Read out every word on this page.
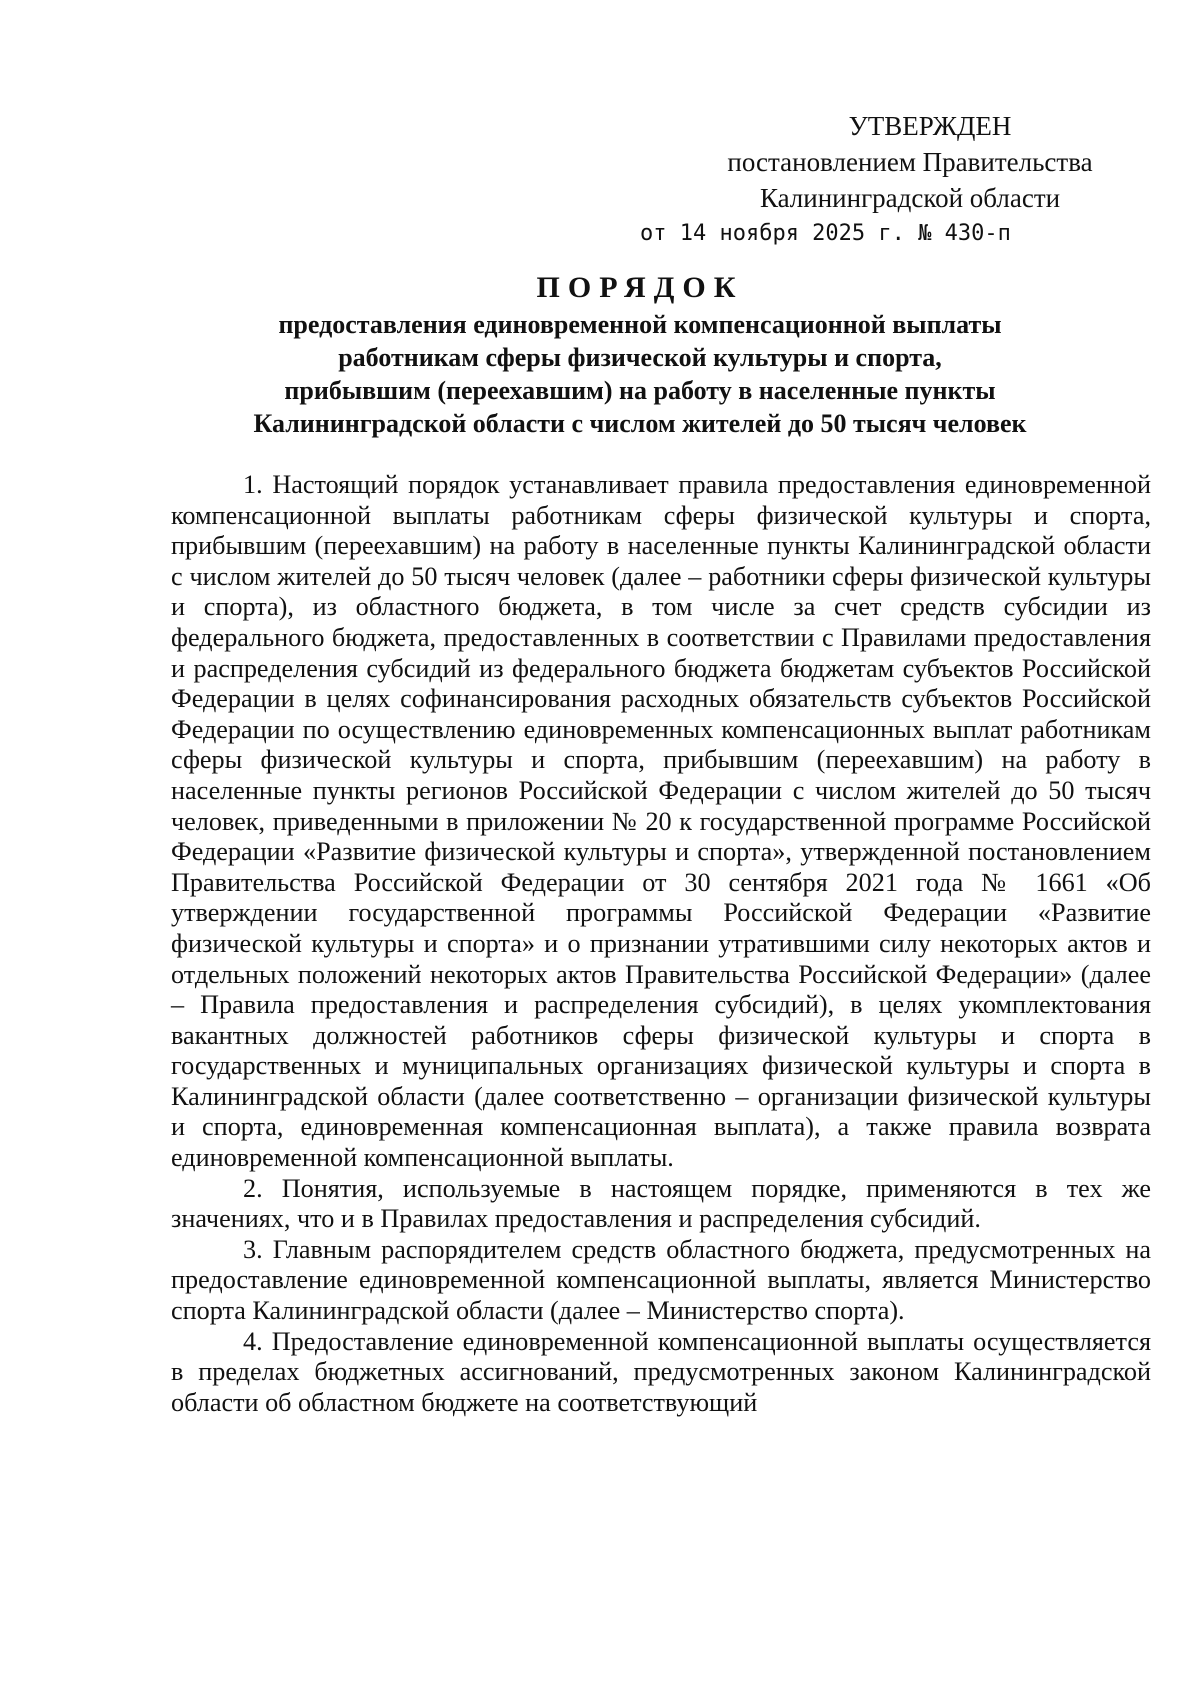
УТВЕРЖДЕН
постановлением Правительства
Калининградской области
от 14 ноября 2025 г. № 430-п
ПОРЯДОК
предоставления единовременной компенсационной выплаты
работникам сферы физической культуры и спорта,
прибывшим (переехавшим) на работу в населенные пункты
Калининградской области с числом жителей до 50 тысяч человек

1. Настоящий порядок устанавливает правила предоставления единовременной компенсационной выплаты работникам сферы физической культуры и спорта, прибывшим (переехавшим) на работу в населенные пункты Калининградской области с числом жителей до 50 тысяч человек (далее – работники сферы физической культуры и спорта), из областного бюджета, в том числе за счет средств субсидии из федерального бюджета, предоставленных в соответствии с Правилами предоставления и распределения субсидий из федерального бюджета бюджетам субъектов Российской Федерации в целях софинансирования расходных обязательств субъектов Российской Федерации по осуществлению единовременных компенсационных выплат работникам сферы физической культуры и спорта, прибывшим (переехавшим) на работу в населенные пункты регионов Российской Федерации с числом жителей до 50 тысяч человек, приведенными в приложении № 20 к государственной программе Российской Федерации «Развитие физической культуры и спорта», утвержденной постановлением Правительства Российской Федерации от 30 сентября 2021 года № 1661 «Об утверждении государственной программы Российской Федерации «Развитие физической культуры и спорта» и о признании утратившими силу некоторых актов и отдельных положений некоторых актов Правительства Российской Федерации» (далее – Правила предоставления и распределения субсидий), в целях укомплектования вакантных должностей работников сферы физической культуры и спорта в государственных и муниципальных организациях физической культуры и спорта в Калининградской области (далее соответственно – организации физической культуры и спорта, единовременная компенсационная выплата), а также правила возврата единовременной компенсационной выплаты.

2. Понятия, используемые в настоящем порядке, применяются в тех же значениях, что и в Правилах предоставления и распределения субсидий.

3. Главным распорядителем средств областного бюджета, предусмотренных на предоставление единовременной компенсационной выплаты, является Министерство спорта Калининградской области (далее – Министерство спорта).

4. Предоставление единовременной компенсационной выплаты осуществляется в пределах бюджетных ассигнований, предусмотренных законом Калининградской области об областном бюджете на соответствующий
